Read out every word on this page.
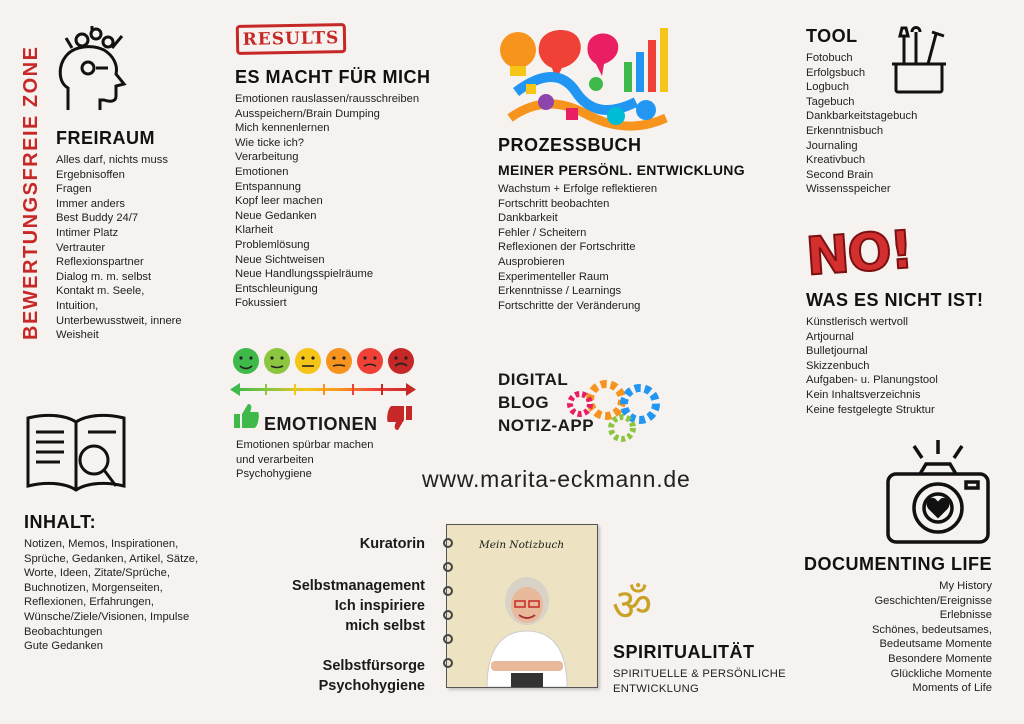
BEWERTUNGSFREIE ZONE FREIRAUM
Alles darf, nichts muss
Ergebnisoffen
Fragen
Immer anders
Best Buddy 24/7
Intimer Platz
Vertrauter
Reflexionspartner
Dialog m. m. selbst
Kontakt m. Seele,
Intuition,
Unterbewusstweit, innere
Weisheit
RESULTS
ES MACHT FÜR MICH
Emotionen rauslassen/rausschreiben
Ausspeichern/Brain Dumping
Mich kennenlernen
Wie ticke ich?
Verarbeitung
Emotionen
Entspannung
Kopf leer machen
Neue Gedanken
Klarheit
Problemlösung
Neue Sichtweisen
Neue Handlungsspielräume
Entschleunigung
Fokussiert
PROZESSBUCH
MEINER PERSÖNL. ENTWICKLUNG
Wachstum + Erfolge reflektieren
Fortschritt beobachten
Dankbarkeit
Fehler / Scheitern
Reflexionen der Fortschritte
Ausprobieren
Experimenteller Raum
Erkenntnisse / Learnings
Fortschritte der Veränderung
TOOL
Fotobuch
Erfolgsbuch
Logbuch
Tagebuch
Dankbarkeitstagebuch
Erkenntnisbuch
Journaling
Kreativbuch
Second Brain
Wissensspeicher
NO!
WAS ES NICHT IST!
Künstlerisch wertvoll
Artjournal
Bulletjournal
Skizzenbuch
Aufgaben- u. Planungstool
Kein Inhaltsverzeichnis
Keine festgelegte Struktur
EMOTIONEN
Emotionen spürbar machen
und verarbeiten
Psychohygiene
DIGITAL
BLOG
NOTIZ-APP
www.marita-eckmann.de
INHALT:
Notizen, Memos, Inspirationen,
Sprüche, Gedanken, Artikel, Sätze,
Worte, Ideen, Zitate/Sprüche,
Buchnotizen, Morgenseiten,
Reflexionen, Erfahrungen,
Wünsche/Ziele/Visionen, Impulse
Beobachtungen
Gute Gedanken
Kuratorin
Selbstmanagement
Ich inspiriere
mich selbst
Selbstfürsorge
Psychohygiene
Mein Notizbuch
ॐ
SPIRITUALITÄT
SPIRITUELLE & PERSÖNLICHE
ENTWICKLUNG
DOCUMENTING LIFE
My History
Geschichten/Ereignisse
Erlebnisse
Schönes, bedeutsames,
Bedeutsame Momente
Besondere Momente
Glückliche Momente
Moments of Life
